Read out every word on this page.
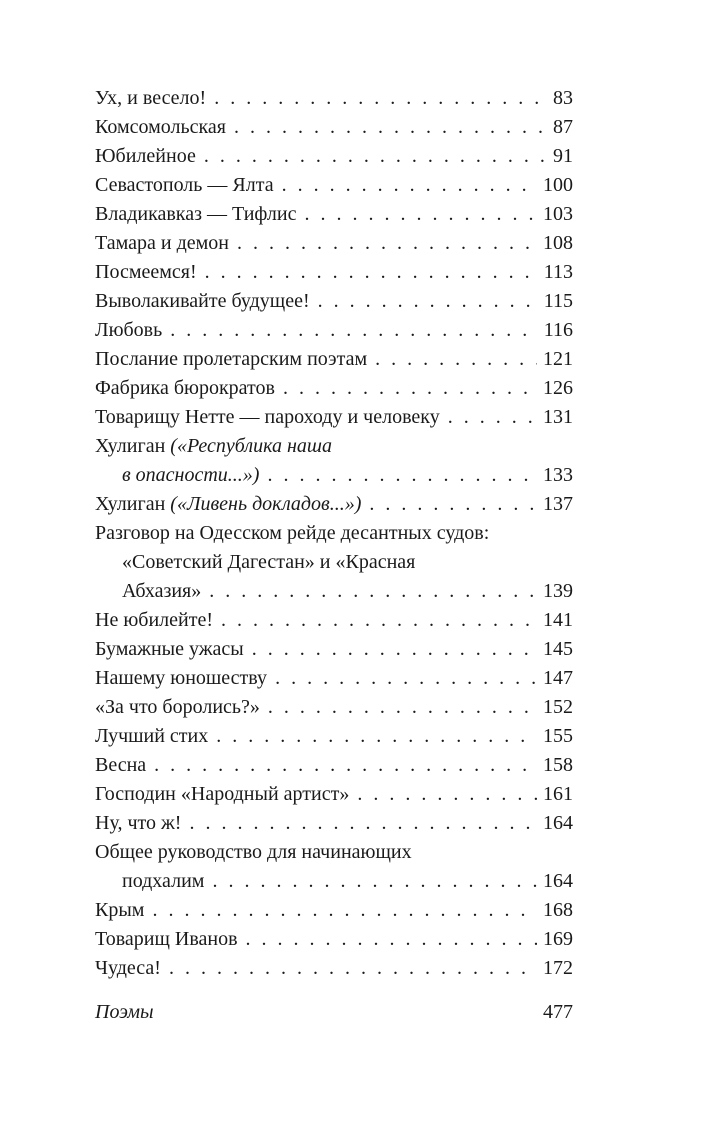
Ух, и весело! . . .	83
Комсомольская . . .	87
Юбилейное . . .	91
Севастополь — Ялта . . .	100
Владикавказ — Тифлис . . .	103
Тамара и демон . . .	108
Посмеемся! . . .	113
Выволакивайте будущее! . . .	115
Любовь . . .	116
Послание пролетарским поэтам . . .	121
Фабрика бюрократов . . .	126
Товарищу Нетте — пароходу и человеку . . .	131
Хулиган («Республика наша
в опасности...») . . .	133
Хулиган («Ливень докладов...») . . .	137
Разговор на Одесском рейде десантных судов:
«Советский Дагестан» и «Красная
Абхазия» . . .	139
Не юбилейте! . . .	141
Бумажные ужасы . . .	145
Нашему юношеству . . .	147
«За что боролись?» . . .	152
Лучший стих . . .	155
Весна . . .	158
Господин «Народный артист» . . .	161
Ну, что ж! . . .	164
Общее руководство для начинающих
подхалим . . .	164
Крым . . .	168
Товарищ Иванов . . .	169
Чудеса! . . .	172
Поэмы	477
